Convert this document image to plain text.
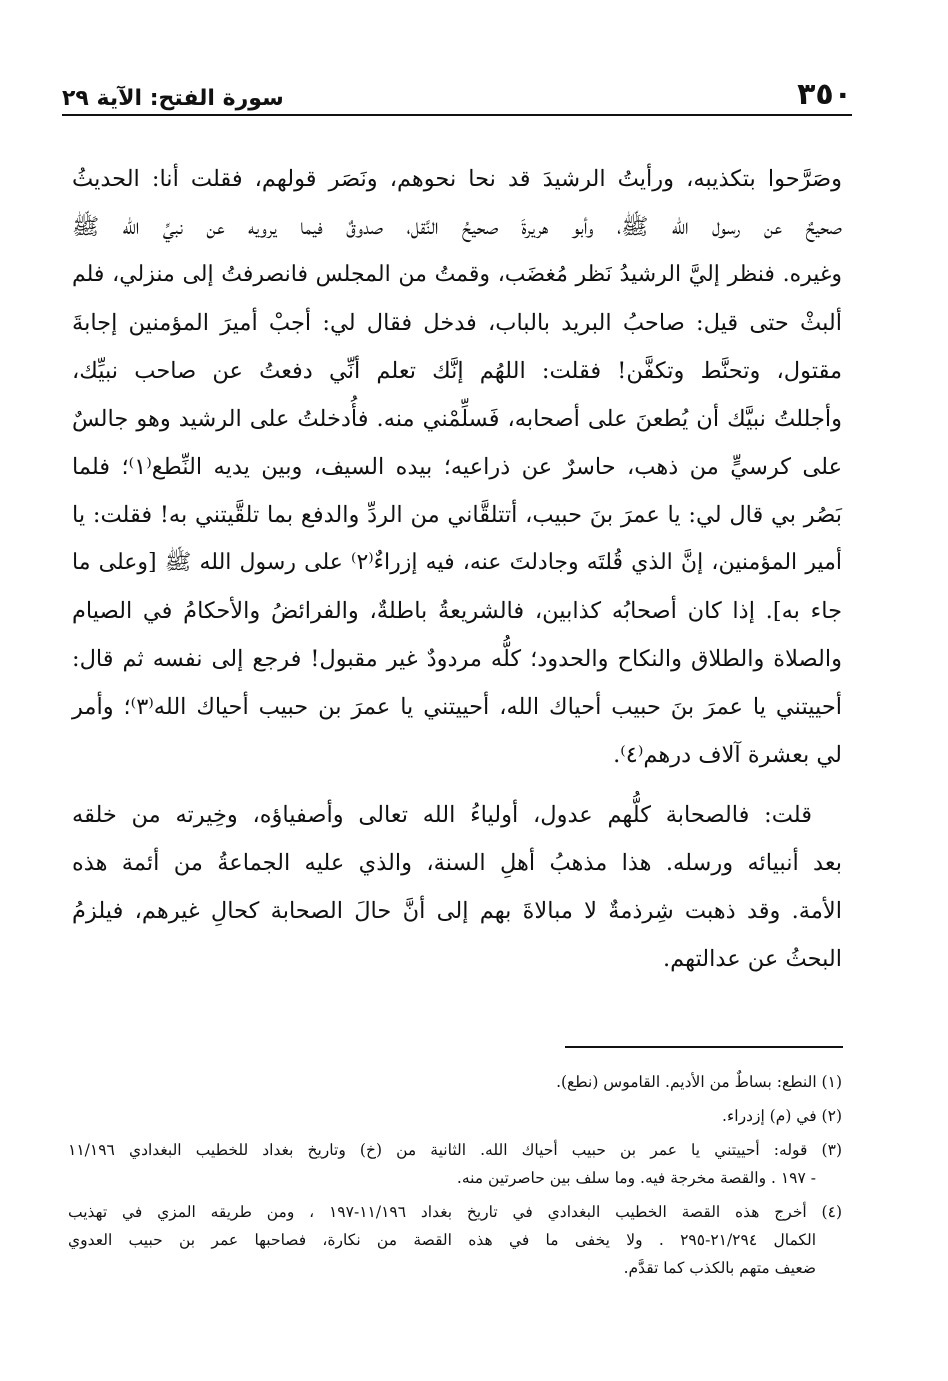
٣٥٠
سورة الفتح: الآية ٢٩
وصَرَّحوا بتكذيبه، ورأيتُ الرشيدَ قد نحا نحوهم، ونَصَر قولهم، فقلت أنا: الحديثُ
صحيحٌ عن رسول الله ﷺ، وأبو هريرةَ صحيحُ النَّقل، صدوقٌ فيما يرويه عن نبيِّ الله ﷺ
وغيره. فنظر إليَّ الرشيدُ نَظر مُغضَب، وقمتُ من المجلس فانصرفتُ إلى منزلي، فلم
ألبثْ حتى قيل: صاحبُ البريد بالباب، فدخل فقال لي: أجبْ أميرَ المؤمنين إجابةَ
مقتول، وتحنَّط وتكفَّن! فقلت: اللهُم إنَّك تعلم أنِّي دفعتُ عن صاحب نبيِّك،
وأجللتُ نبيَّك أن يُطعنَ على أصحابه، فَسلِّمْني منه. فأُدخلتُ على الرشيد وهو جالسٌ
على كرسيٍّ من ذهب، حاسرٌ عن ذراعيه؛ بيده السيف، وبين يديه النِّطع⁽١⁾؛ فلما
بَصُر بي قال لي: يا عمرَ بنَ حبيب، أتتلقَّاني من الردِّ والدفع بما تلقَّيتني به! فقلت: يا
أمير المؤمنين، إنَّ الذي قُلتَه وجادلتَ عنه، فيه إزراءٌ⁽٢⁾ على رسول الله ﷺ [وعلى ما
جاء به]. إذا كان أصحابُه كذابين، فالشريعةُ باطلةٌ، والفرائضُ والأحكامُ في الصيام
والصلاة والطلاق والنكاح والحدود؛ كلُّه مردودٌ غير مقبول! فرجع إلى نفسه ثم قال:
أحييتني يا عمرَ بنَ حبيب أحياك الله، أحييتني يا عمرَ بن حبيب أحياك الله⁽٣⁾؛ وأمر
لي بعشرة آلاف درهم⁽٤⁾.
قلت: فالصحابة كلُّهم عدول، أولياءُ الله تعالى وأصفياؤه، وخِيرته من خلقه
بعد أنبيائه ورسله. هذا مذهبُ أهلِ السنة، والذي عليه الجماعةُ من أئمة هذه
الأمة. وقد ذهبت شِرذمةٌ لا مبالاةَ بهم إلى أنَّ حالَ الصحابة كحالِ غيرهم، فيلزمُ
البحثُ عن عدالتهم.
(١) النطع: بساطٌ من الأديم. القاموس (نطع).
(٢) في (م) إزدراء.
(٣) قوله: أحييتني يا عمر بن حبيب أحياك الله. الثانية من (خ) وتاريخ بغداد للخطيب البغدادي ١١/١٩٦
- ١٩٧ . والقصة مخرجة فيه. وما سلف بين حاصرتين منه.
(٤) أخرج هذه القصة الخطيب البغدادي في تاريخ بغداد ١١/١٩٦-١٩٧ ، ومن طريقه المزي في تهذيب
الكمال ٢١/٢٩٤-٢٩٥ . ولا يخفى ما في هذه القصة من نكارة، فصاحبها عمر بن حبيب العدوي
ضعيف متهم بالكذب كما تقدَّم.
